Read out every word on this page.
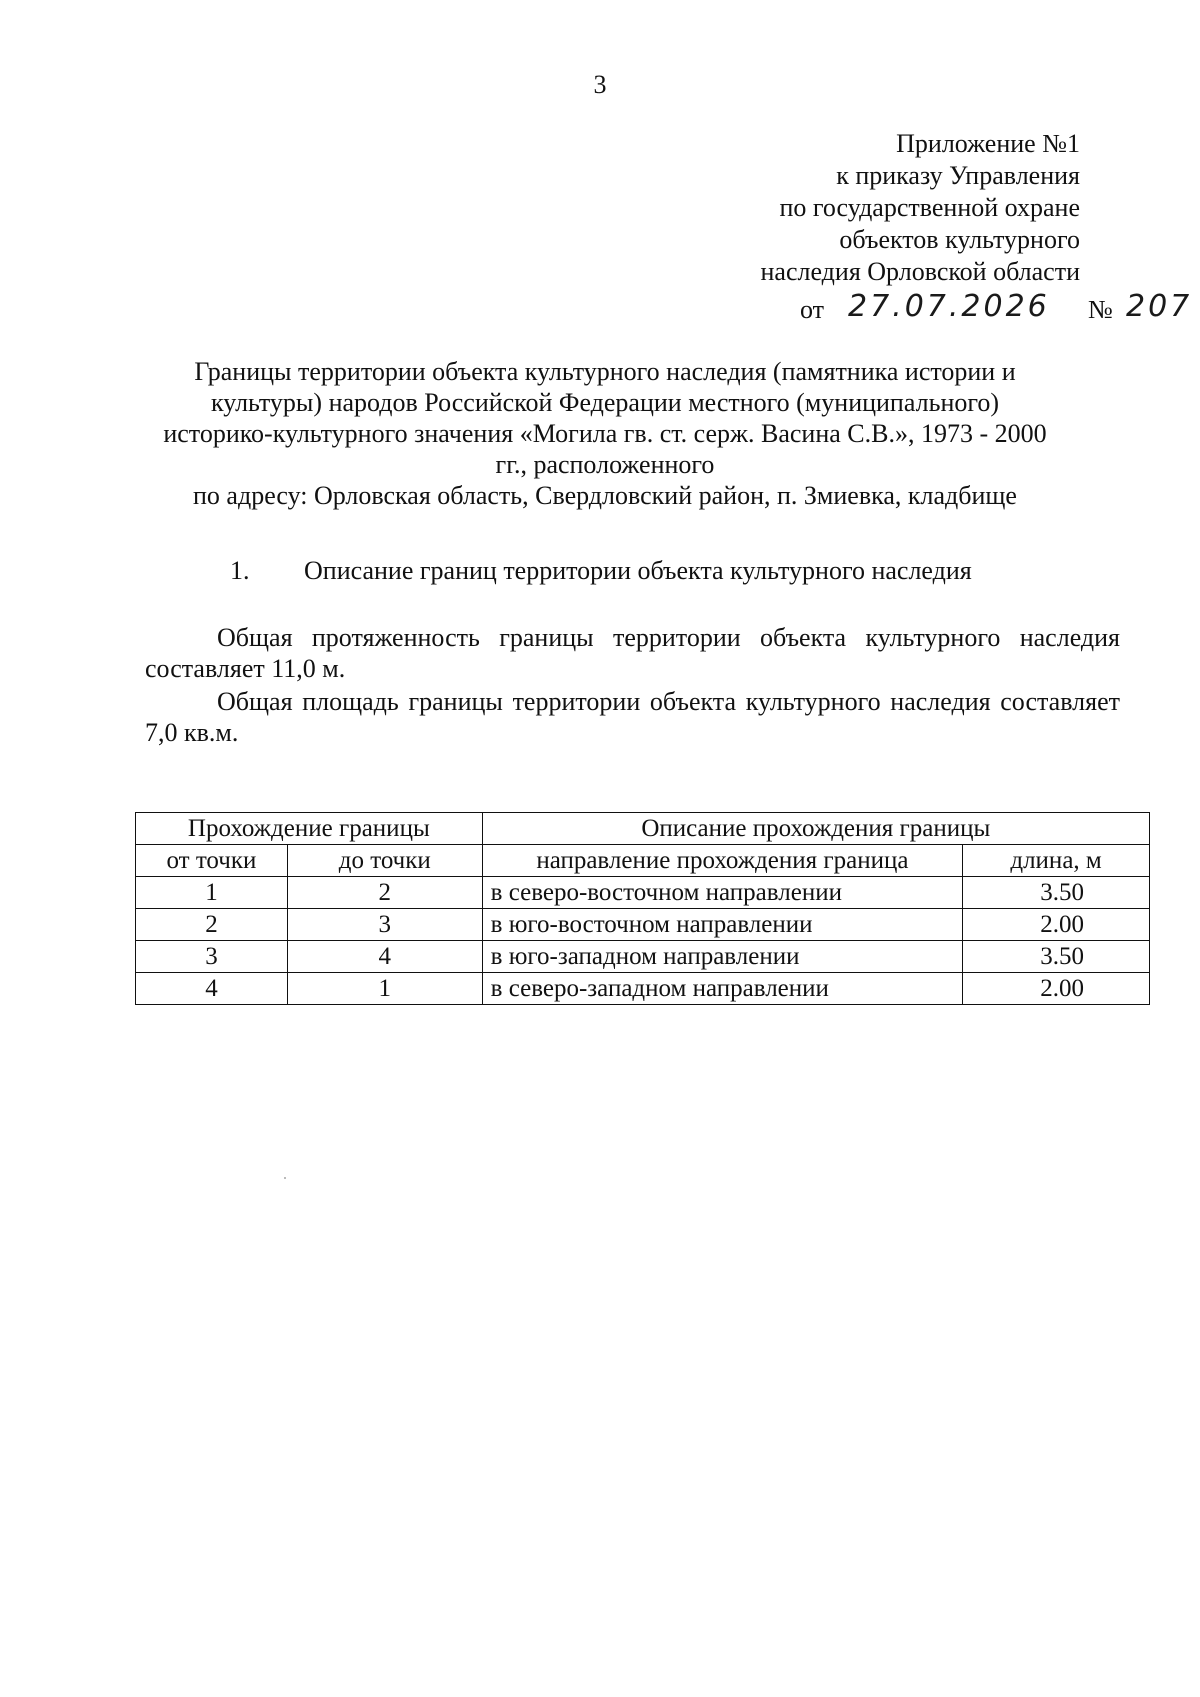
3
Приложение №1
к приказу Управления
по государственной охране
объектов культурного
наследия Орловской области
от 27.07.2026 № 207
Границы территории объекта культурного наследия (памятника истории и
культуры) народов Российской Федерации местного (муниципального)
историко-культурного значения «Могила гв. ст. серж. Васина С.В.», 1973 - 2000
гг., расположенного
по адресу: Орловская область, Свердловский район, п. Змиевка, кладбище
1. Описание границ территории объекта культурного наследия
Общая протяженность границы территории объекта культурного наследия составляет 11,0 м.
Общая площадь границы территории объекта культурного наследия составляет 7,0 кв.м.
Прохождение границы		Описание прохождения границы	
от точки	до точки	направление прохождения граница	длина, м
1	2	в северо-восточном направлении	3.50
2	3	в юго-восточном направлении	2.00
3	4	в юго-западном направлении	3.50
4	1	в северо-западном направлении	2.00
